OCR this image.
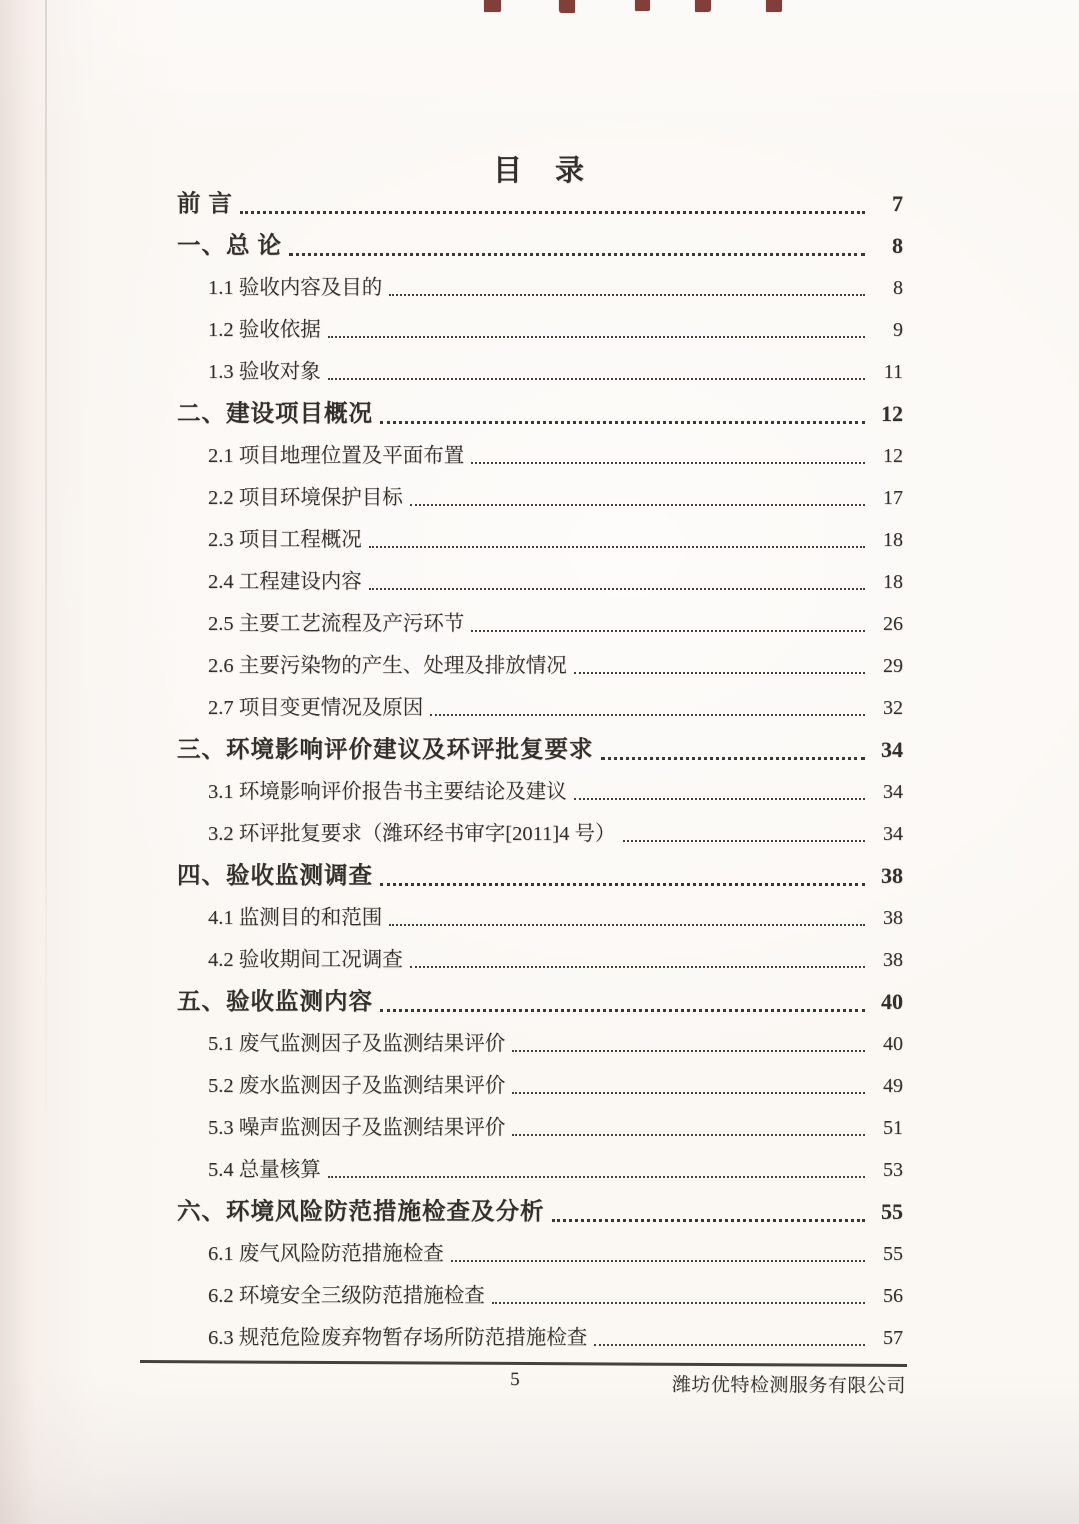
目　录
前 言	7
一、总 论	8
1.1 验收内容及目的	8
1.2 验收依据	9
1.3 验收对象	11
二、建设项目概况	12
2.1 项目地理位置及平面布置	12
2.2 项目环境保护目标	17
2.3 项目工程概况	18
2.4 工程建设内容	18
2.5 主要工艺流程及产污环节	26
2.6 主要污染物的产生、处理及排放情况	29
2.7 项目变更情况及原因	32
三、环境影响评价建议及环评批复要求	34
3.1 环境影响评价报告书主要结论及建议	34
3.2 环评批复要求（潍环经书审字[2011]4 号）	34
四、验收监测调查	38
4.1 监测目的和范围	38
4.2 验收期间工况调查	38
五、验收监测内容	40
5.1 废气监测因子及监测结果评价	40
5.2 废水监测因子及监测结果评价	49
5.3 噪声监测因子及监测结果评价	51
5.4 总量核算	53
六、环境风险防范措施检查及分析	55
6.1 废气风险防范措施检查	55
6.2 环境安全三级防范措施检查	56
6.3 规范危险废弃物暂存场所防范措施检查	57
5	潍坊优特检测服务有限公司
